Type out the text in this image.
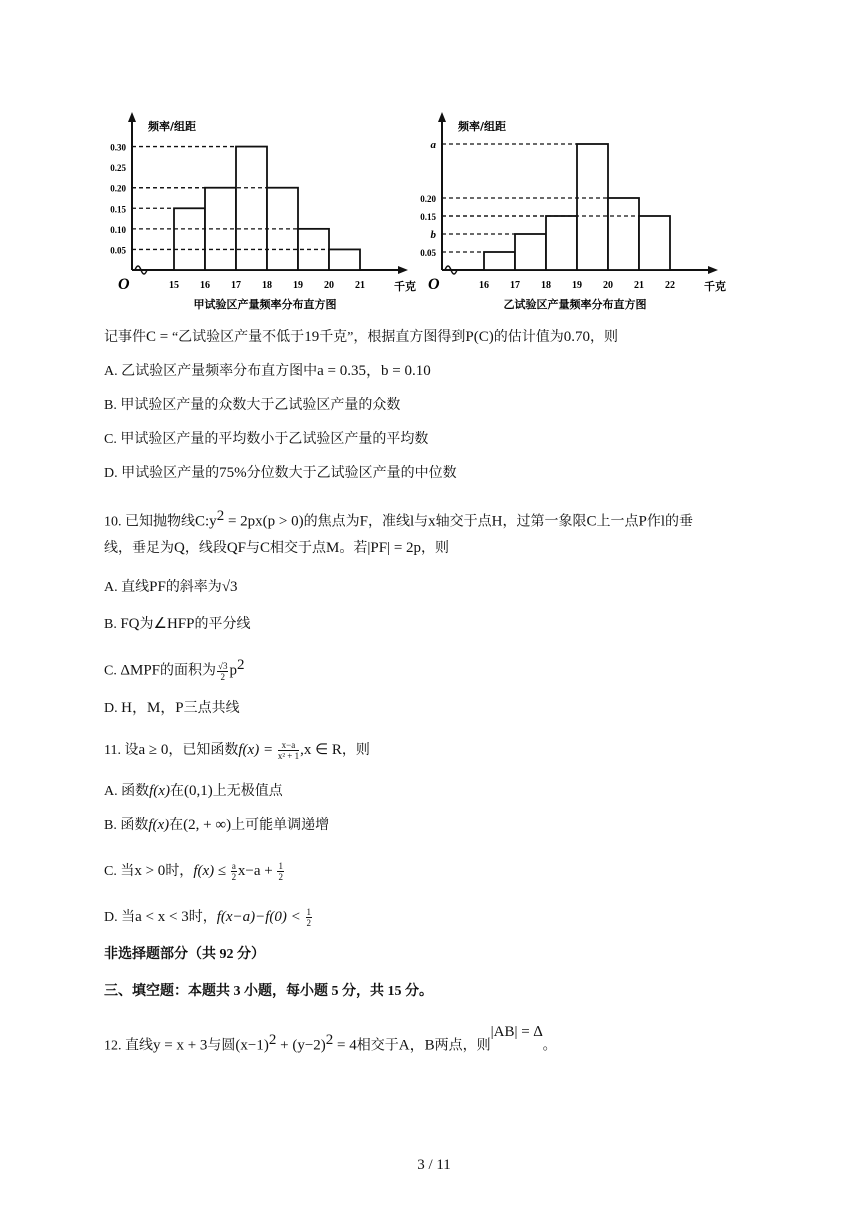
频率/组距
千克
O
甲试验区产量频率分布直方图
15 16 17 18 19 20 21
0.30
0.25
0.20
0.15
0.10
0.05
频率/组距
千克
O
乙试验区产量频率分布直方图
16 17 18 19 20 21 22
a
0.20
0.15
b
0.05
记事件C = “乙试验区产量不低于19千克”，根据直方图得到P(C)的估计值为0.70，则
A. 乙试验区产量频率分布直方图中a = 0.35，b = 0.10
B. 甲试验区产量的众数大于乙试验区产量的众数
C. 甲试验区产量的平均数小于乙试验区产量的平均数
D. 甲试验区产量的75%分位数大于乙试验区产量的中位数
10. 已知抛物线$C:y^2 = 2px(p > 0)$的焦点为F，准线l与x轴交于点H，过第一象限C上一点P作l的垂
线，垂足为Q，线段QF与C相交于点M。若|PF| = 2p，则
A. 直线PF的斜率为√3
B. FQ为∠HFP的平分线
C. ΔMPF的面积为 $\frac{√3}{2} p^2$
D. H，M，P三点共线
11. 设a ≥ 0，已知函数$f(x) = \frac{x-a}{\text{x² + 1}} ,x$ ∈ R，则
A. 函数f(x)在(0,1)上无极值点
B. 函数f(x)在(2, + ∞)上可能单调递增
C. 当x > 0时，$f(x) \le \frac{a}{2} x-a + \frac{1}{2}$
D. 当a < x < 3时，$f(x-a)-f(0) < \frac{1}{2}$
非选择题部分（共 92 分）
三、填空题：本题共 3 小题，每小题 5 分，共 15 分。
12. 直线y = x + 3与圆$(x-1)^2 + (y-2)^2 = 4$相交于A，B两点，则|AB| = ∆。
3 / 11
